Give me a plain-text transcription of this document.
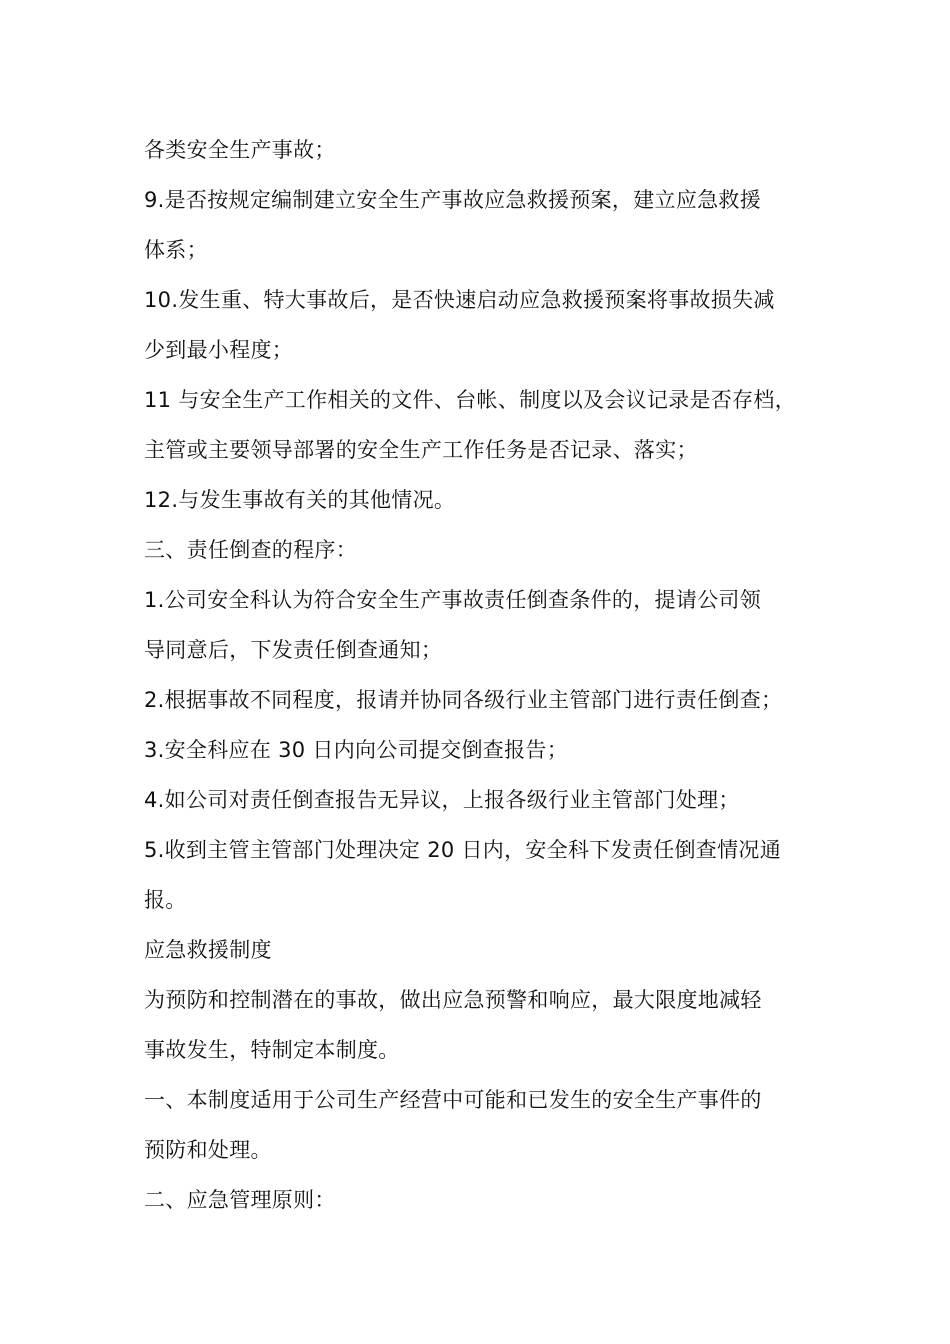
各类安全生产事故；
9.是否按规定编制建立安全生产事故应急救援预案，建立应急救援
体系；
10.发生重、特大事故后，是否快速启动应急救援预案将事故损失减
少到最小程度；
11 与安全生产工作相关的文件、台帐、制度以及会议记录是否存档，
主管或主要领导部署的安全生产工作任务是否记录、落实；
12.与发生事故有关的其他情况。
三、责任倒查的程序：
1.公司安全科认为符合安全生产事故责任倒查条件的，提请公司领
导同意后，下发责任倒查通知；
2.根据事故不同程度，报请并协同各级行业主管部门进行责任倒查；
3.安全科应在 30 日内向公司提交倒查报告；
4.如公司对责任倒查报告无异议，上报各级行业主管部门处理；
5.收到主管主管部门处理决定 20 日内，安全科下发责任倒查情况通
报。
应急救援制度
为预防和控制潜在的事故，做出应急预警和响应，最大限度地减轻
事故发生，特制定本制度。
一、本制度适用于公司生产经营中可能和已发生的安全生产事件的
预防和处理。
二、应急管理原则：
